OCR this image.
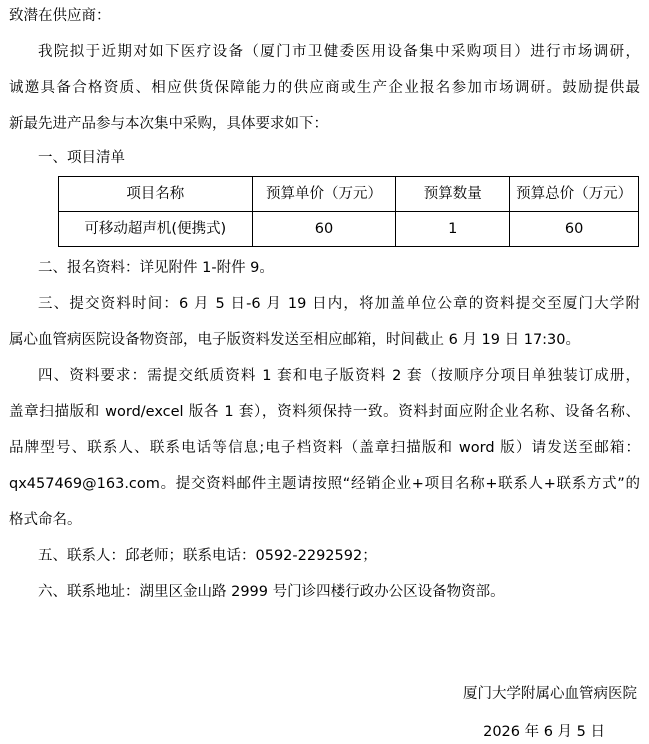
致潜在供应商：
我院拟于近期对如下医疗设备（厦门市卫健委医用设备集中采购项目）进行市场调研，
诚邀具备合格资质、相应供货保障能力的供应商或生产企业报名参加市场调研。鼓励提供最
新最先进产品参与本次集中采购，具体要求如下：
一、项目清单
项目名称	预算单价（万元）	预算数量	预算总价（万元）
可移动超声机(便携式)	60	1	60
二、报名资料：详见附件 1-附件 9。
三、提交资料时间：6 月 5 日-6 月 19 日内，将加盖单位公章的资料提交至厦门大学附
属心血管病医院设备物资部，电子版资料发送至相应邮箱，时间截止 6 月 19 日 17:30。
四、资料要求：需提交纸质资料 1 套和电子版资料 2 套（按顺序分项目单独装订成册，
盖章扫描版和 word/excel 版各 1 套），资料须保持一致。资料封面应附企业名称、设备名称、
品牌型号、联系人、联系电话等信息;电子档资料（盖章扫描版和 word 版）请发送至邮箱：
qx457469@163.com。提交资料邮件主题请按照“经销企业+项目名称+联系人+联系方式”的
格式命名。
五、联系人：邱老师；联系电话：0592-2292592；
六、联系地址：湖里区金山路 2999 号门诊四楼行政办公区设备物资部。
厦门大学附属心血管病医院
2026 年 6 月 5 日
